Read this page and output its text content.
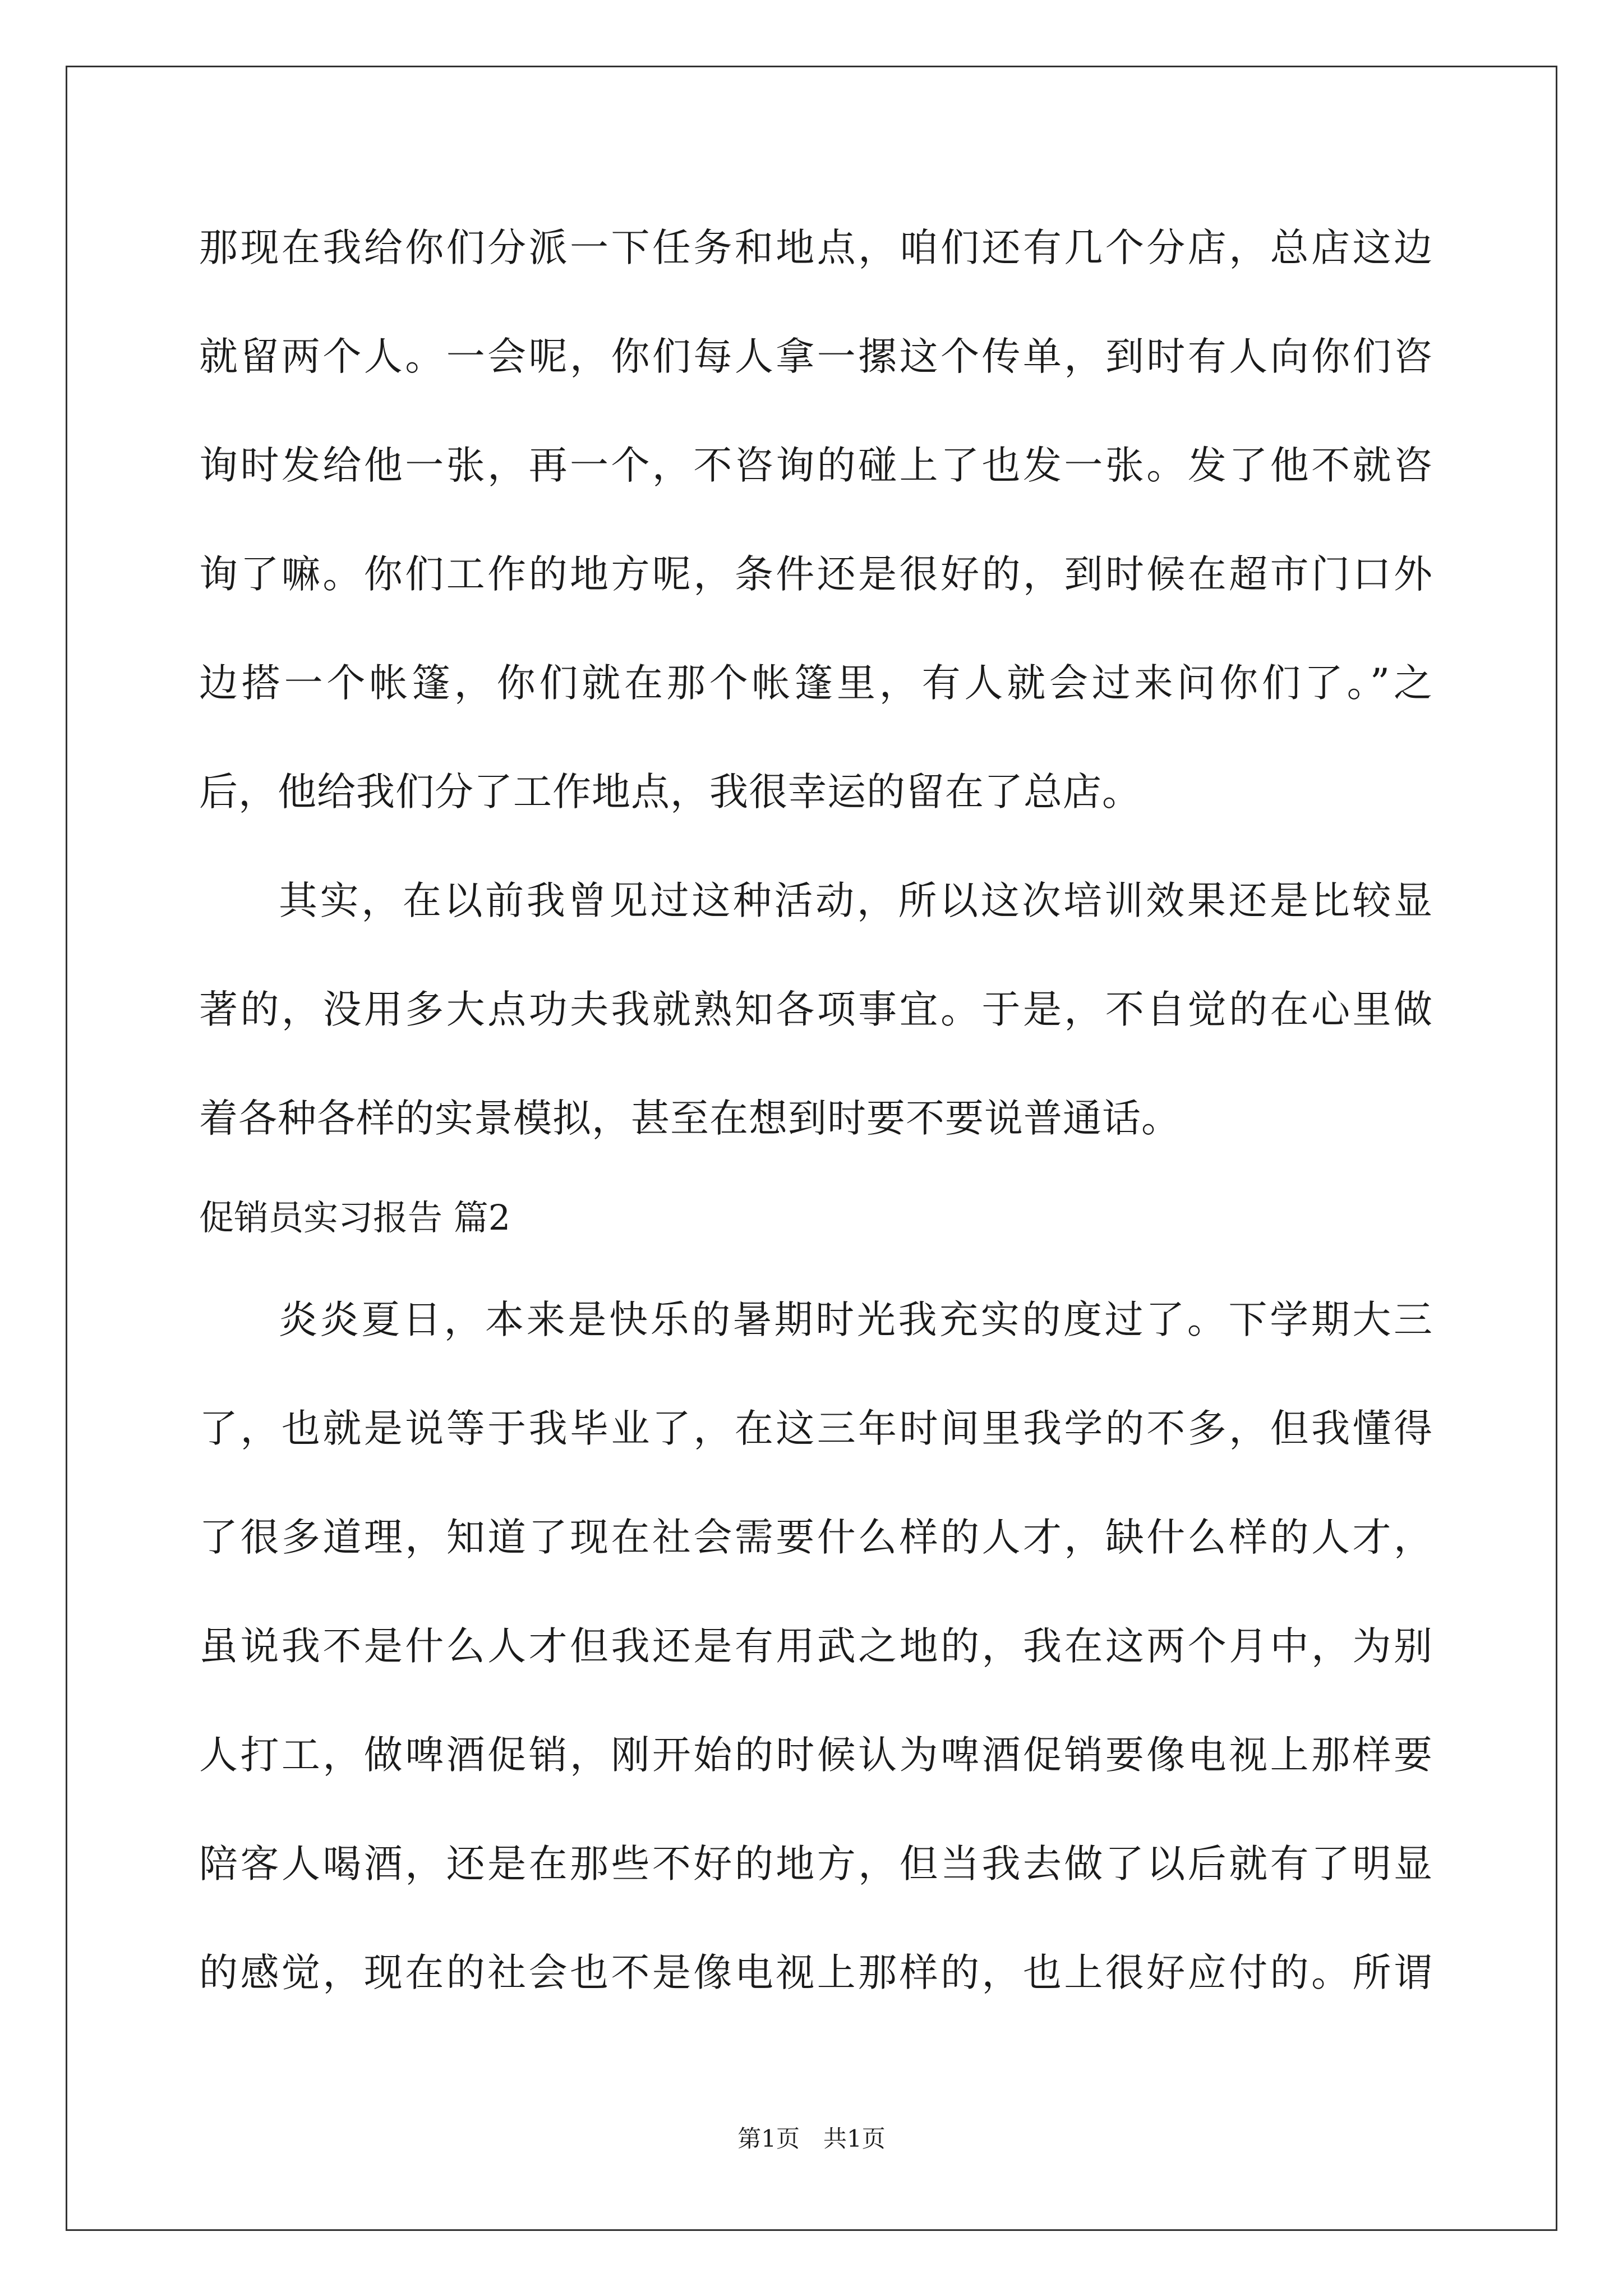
那现在我给你们分派一下任务和地点，咱们还有几个分店，总店这边
就留两个人。一会呢，你们每人拿一摞这个传单，到时有人向你们咨
询时发给他一张，再一个，不咨询的碰上了也发一张。发了他不就咨
询了嘛。你们工作的地方呢，条件还是很好的，到时候在超市门口外
边搭一个帐篷，你们就在那个帐篷里，有人就会过来问你们了。”之
后，他给我们分了工作地点，我很幸运的留在了总店。
其实，在以前我曾见过这种活动，所以这次培训效果还是比较显
著的，没用多大点功夫我就熟知各项事宜。于是，不自觉的在心里做
着各种各样的实景模拟，甚至在想到时要不要说普通话。
促销员实习报告 篇2
炎炎夏日，本来是快乐的暑期时光我充实的度过了。下学期大三
了，也就是说等于我毕业了，在这三年时间里我学的不多，但我懂得
了很多道理，知道了现在社会需要什么样的人才，缺什么样的人才，
虽说我不是什么人才但我还是有用武之地的，我在这两个月中，为别
人打工，做啤酒促销，刚开始的时候认为啤酒促销要像电视上那样要
陪客人喝酒，还是在那些不好的地方，但当我去做了以后就有了明显
的感觉，现在的社会也不是像电视上那样的，也上很好应付的。所谓
第1页　共1页
